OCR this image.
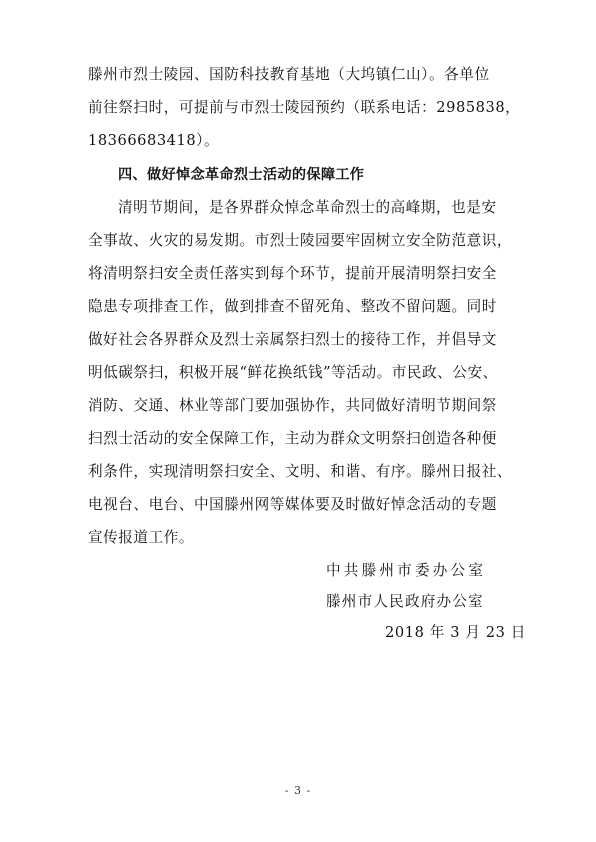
滕州市烈士陵园、国防科技教育基地（大坞镇仁山）。各单位
前往祭扫时，可提前与市烈士陵园预约（联系电话：2985838，
18366683418）。
四、做好悼念革命烈士活动的保障工作
清明节期间，是各界群众悼念革命烈士的高峰期，也是安
全事故、火灾的易发期。市烈士陵园要牢固树立安全防范意识，
将清明祭扫安全责任落实到每个环节，提前开展清明祭扫安全
隐患专项排查工作，做到排查不留死角、整改不留问题。同时
做好社会各界群众及烈士亲属祭扫烈士的接待工作，并倡导文
明低碳祭扫，积极开展“鲜花换纸钱”等活动。市民政、公安、
消防、交通、林业等部门要加强协作，共同做好清明节期间祭
扫烈士活动的安全保障工作，主动为群众文明祭扫创造各种便
利条件，实现清明祭扫安全、文明、和谐、有序。滕州日报社、
电视台、电台、中国滕州网等媒体要及时做好悼念活动的专题
宣传报道工作。
中共滕州市委办公室
滕州市人民政府办公室
2018 年 3 月 23 日
- 3 -
